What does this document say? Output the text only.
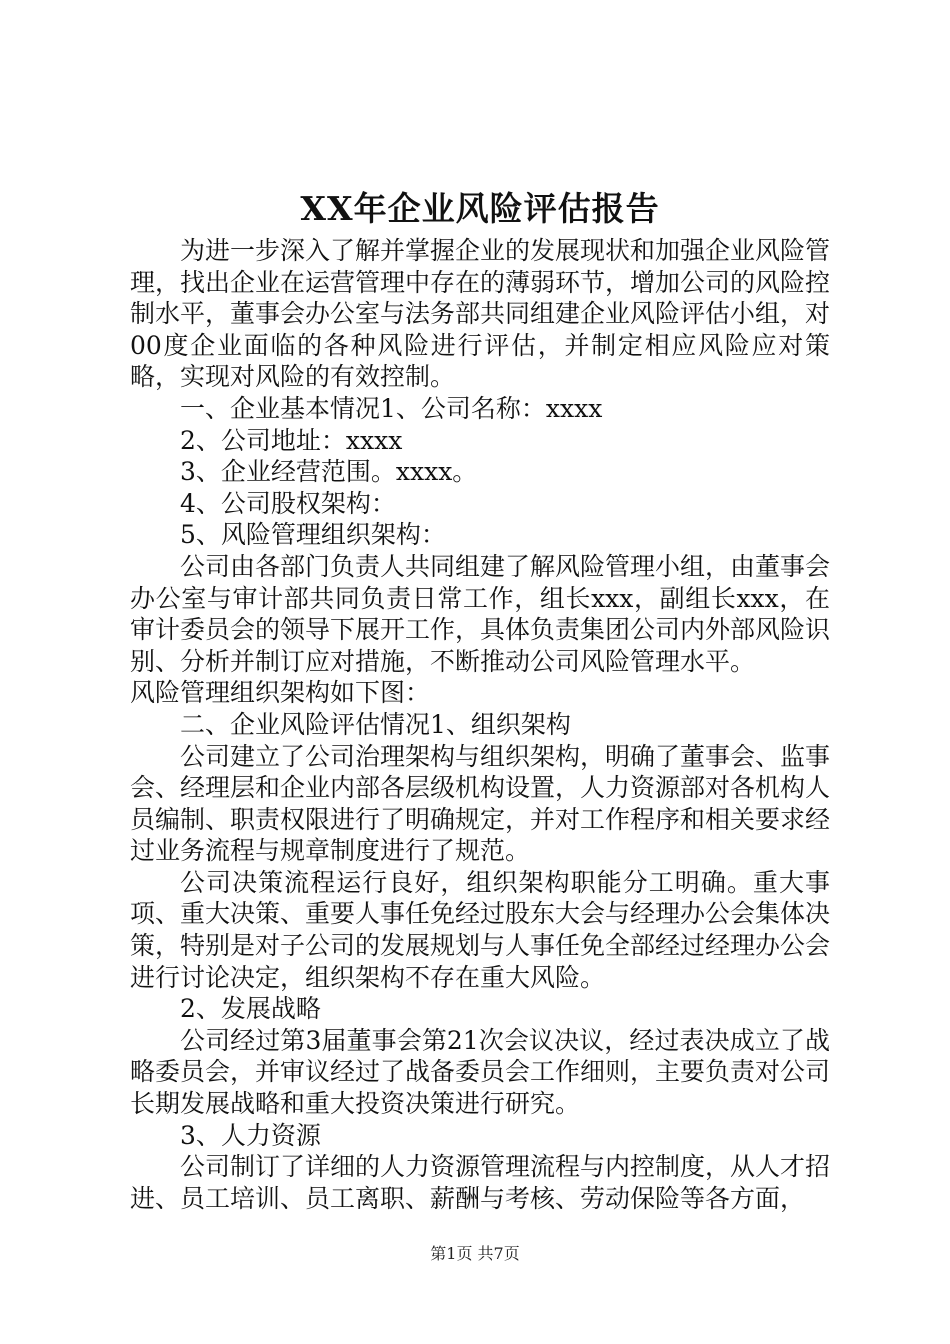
XX年企业风险评估报告

为进一步深入了解并掌握企业的发展现状和加强企业风险管理，找出企业在运营管理中存在的薄弱环节，增加公司的风险控制水平，董事会办公室与法务部共同组建企业风险评估小组，对00度企业面临的各种风险进行评估，并制定相应风险应对策略，实现对风险的有效控制。

一、企业基本情况1、公司名称：xxxx

2、公司地址：xxxx

3、企业经营范围。xxxx。

4、公司股权架构：

5、风险管理组织架构：

公司由各部门负责人共同组建了解风险管理小组，由董事会办公室与审计部共同负责日常工作，组长xxx，副组长xxx，在审计委员会的领导下展开工作，具体负责集团公司内外部风险识别、分析并制订应对措施，不断推动公司风险管理水平。

风险管理组织架构如下图：

二、企业风险评估情况1、组织架构

公司建立了公司治理架构与组织架构，明确了董事会、监事会、经理层和企业内部各层级机构设置，人力资源部对各机构人员编制、职责权限进行了明确规定，并对工作程序和相关要求经过业务流程与规章制度进行了规范。

公司决策流程运行良好，组织架构职能分工明确。重大事项、重大决策、重要人事任免经过股东大会与经理办公会集体决策，特别是对子公司的发展规划与人事任免全部经过经理办公会进行讨论决定，组织架构不存在重大风险。

2、发展战略

公司经过第3届董事会第21次会议决议，经过表决成立了战略委员会，并审议经过了战备委员会工作细则，主要负责对公司长期发展战略和重大投资决策进行研究。

3、人力资源

公司制订了详细的人力资源管理流程与内控制度，从人才招进、员工培训、员工离职、薪酬与考核、劳动保险等各方面，

第1页 共7页
